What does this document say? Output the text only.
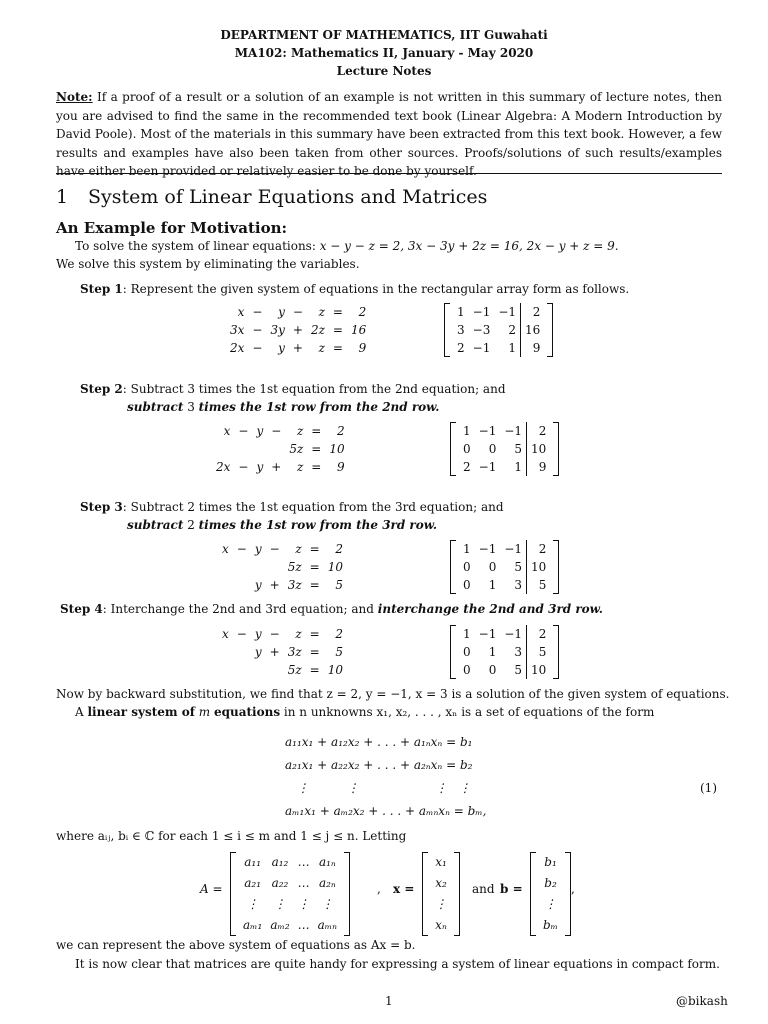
DEPARTMENT OF MATHEMATICS, IIT Guwahati
MA102: Mathematics II, January - May 2020
Lecture Notes
Note: If a proof of a result or a solution of an example is not written in this summary of lecture notes, then you are advised to find the same in the recommended text book (Linear Algebra: A Modern Introduction by David Poole). Most of the materials in this summary have been extracted from this text book. However, a few results and examples have also been taken from other sources. Proofs/solutions of such results/examples have either been provided or relatively easier to be done by yourself.
1 System of Linear Equations and Matrices
An Example for Motivation:
To solve the system of linear equations: x − y − z = 2, 3x − 3y + 2z = 16, 2x − y + z = 9.
We solve this system by eliminating the variables.
Step 1: Represent the given system of equations in the rectangular array form as follows.
x	−	y	−	z	=	2
3x	−	3y	+	2z	=	16
2x	−	y	+	z	=	9
1 −1 −1	2
3 −3	2 16
2 −1	1	9
Step 2: Subtract 3 times the 1st equation from the 2nd equation; and
subtract 3 times the 1st row from the 2nd row.
x	−	y	−	z	=	2
				5z	=	10
2x	−	y	+	z	=	9
1 −1 −1	2
0	0	5 10
2 −1	1	9
Step 3: Subtract 2 times the 1st equation from the 3rd equation; and
subtract 2 times the 1st row from the 3rd row.
x	−	y	−	z	=	2
				5z	=	10
		y	+	3z	=	5
1 −1 −1	2
0	0	5 10
0	1	3	5
Step 4: Interchange the 2nd and 3rd equation; and interchange the 2nd and 3rd row.
x	−	y	−	z	=	2
		y	+	3z	=	5
				5z	=	10
1 −1 −1	2
0	1	3	5
0	0	5 10
Now by backward substitution, we find that z = 2, y = −1, x = 3 is a solution of the given system of equations.
A linear system of m equations in n unknowns x₁, x₂, . . . , xₙ is a set of equations of the form
a₁₁x₁ + a₁₂x₂ + . . . + a₁ₙxₙ = b₁
a₂₁x₁ + a₂₂x₂ + . . . + a₂ₙxₙ = b₂
⋮          ⋮                    ⋮   ⋮
aₘ₁x₁ + aₘ₂x₂ + . . . + aₘₙxₙ = bₘ,
(1)
where aᵢⱼ, bᵢ ∈ ℂ for each 1 ≤ i ≤ m and 1 ≤ j ≤ n. Letting
A =
a₁₁ a₁₂ … a₁ₙ
a₂₁ a₂₂ … a₂ₙ
⋮	⋮ ⋮ ⋮
aₘ₁ aₘ₂ … aₘₙ
, x =
x₁
x₂
⋮
xₙ
and b =
b₁
b₂
⋮
bₘ
,
we can represent the above system of equations as Ax = b.
It is now clear that matrices are quite handy for expressing a system of linear equations in compact form.
1	@bikash
